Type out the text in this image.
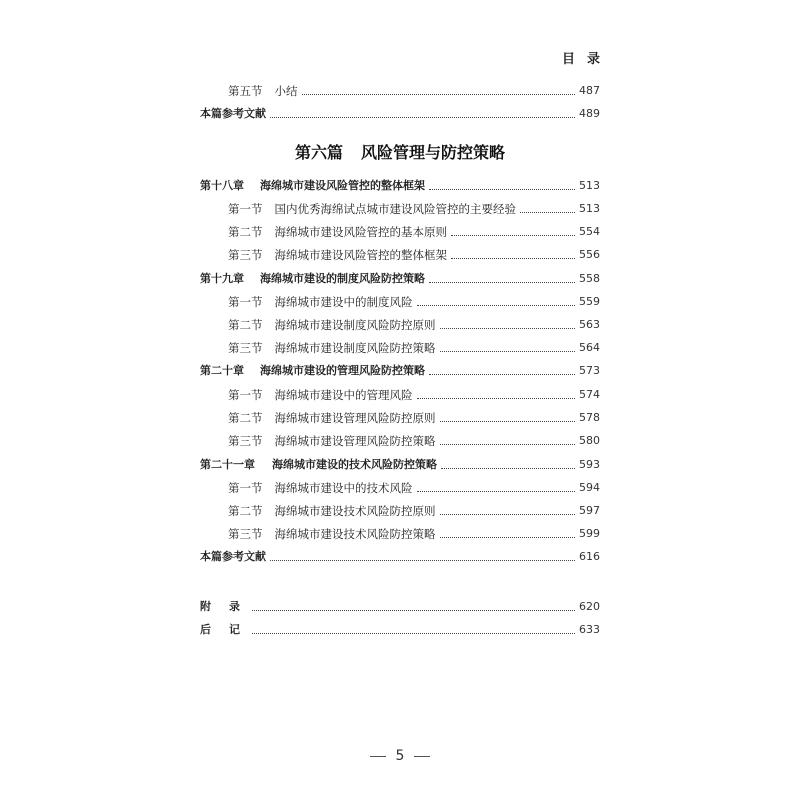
目录
第五节 小结	487
本篇参考文献	489
第六篇 风险管理与防控策略
第十八章 海绵城市建设风险管控的整体框架	513
第一节 国内优秀海绵试点城市建设风险管控的主要经验	513
第二节 海绵城市建设风险管控的基本原则	554
第三节 海绵城市建设风险管控的整体框架	556
第十九章 海绵城市建设的制度风险防控策略	558
第一节 海绵城市建设中的制度风险	559
第二节 海绵城市建设制度风险防控原则	563
第三节 海绵城市建设制度风险防控策略	564
第二十章 海绵城市建设的管理风险防控策略	573
第一节 海绵城市建设中的管理风险	574
第二节 海绵城市建设管理风险防控原则	578
第三节 海绵城市建设管理风险防控策略	580
第二十一章 海绵城市建设的技术风险防控策略	593
第一节 海绵城市建设中的技术风险	594
第二节 海绵城市建设技术风险防控原则	597
第三节 海绵城市建设技术风险防控策略	599
本篇参考文献	616
附录	620
后记	633
5
